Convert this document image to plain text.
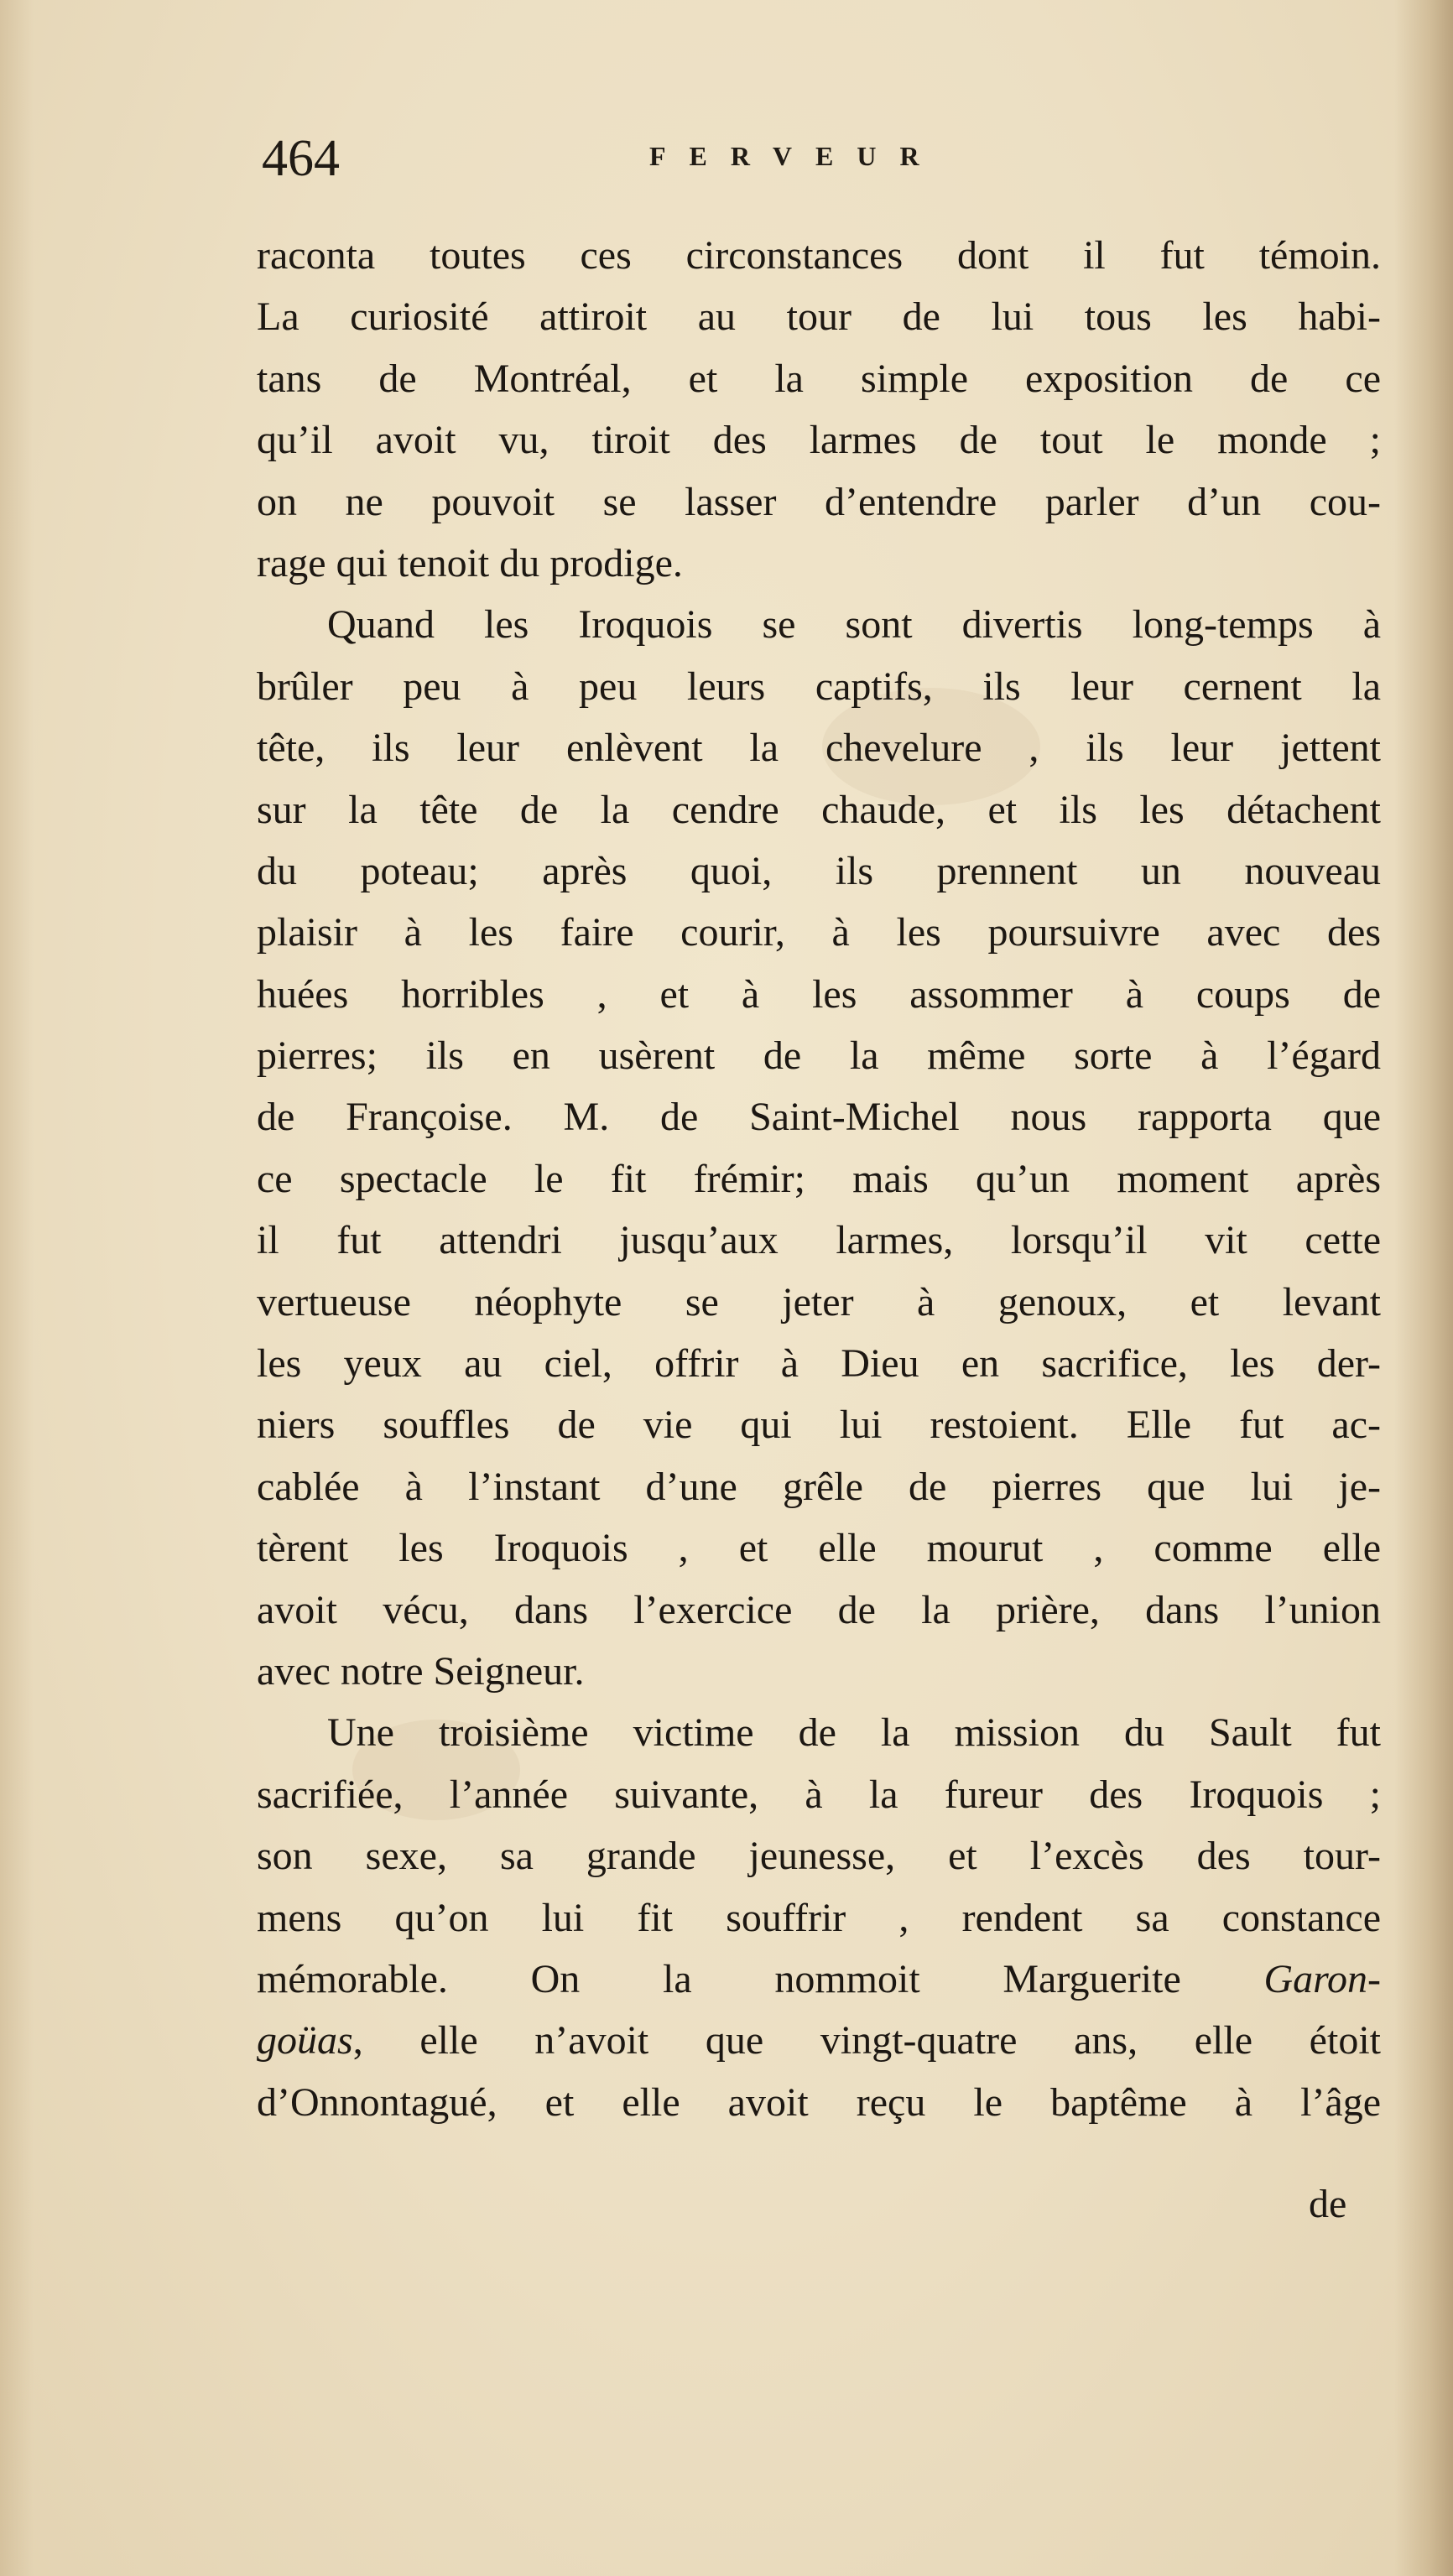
464	FERVEUR
raconta toutes ces circonstances dont il fut témoin.
La curiosité attiroit au tour de lui tous les habi-
tans de Montréal, et la simple exposition de ce
qu’il avoit vu, tiroit des larmes de tout le monde ;
on ne pouvoit se lasser d’entendre parler d’un cou-
rage qui tenoit du prodige.
Quand les Iroquois se sont divertis long-temps à
brûler peu à peu leurs captifs, ils leur cernent la
tête, ils leur enlèvent la chevelure , ils leur jettent
sur la tête de la cendre chaude, et ils les détachent
du poteau; après quoi, ils prennent un nouveau
plaisir à les faire courir, à les poursuivre avec des
huées horribles , et à les assommer à coups de
pierres; ils en usèrent de la même sorte à l’égard
de Françoise. M. de Saint-Michel nous rapporta que
ce spectacle le fit frémir; mais qu’un moment après
il fut attendri jusqu’aux larmes, lorsqu’il vit cette
vertueuse néophyte se jeter à genoux, et levant
les yeux au ciel, offrir à Dieu en sacrifice, les der-
niers souffles de vie qui lui restoient. Elle fut ac-
cablée à l’instant d’une grêle de pierres que lui je-
tèrent les Iroquois , et elle mourut , comme elle
avoit vécu, dans l’exercice de la prière, dans l’union
avec notre Seigneur.
Une troisième victime de la mission du Sault fut
sacrifiée, l’année suivante, à la fureur des Iroquois ;
son sexe, sa grande jeunesse, et l’excès des tour-
mens qu’on lui fit souffrir , rendent sa constance
mémorable. On la nommoit Marguerite Garon-
goüas, elle n’avoit que vingt-quatre ans, elle étoit
d’Onnontagué, et elle avoit reçu le baptême à l’âge
de
